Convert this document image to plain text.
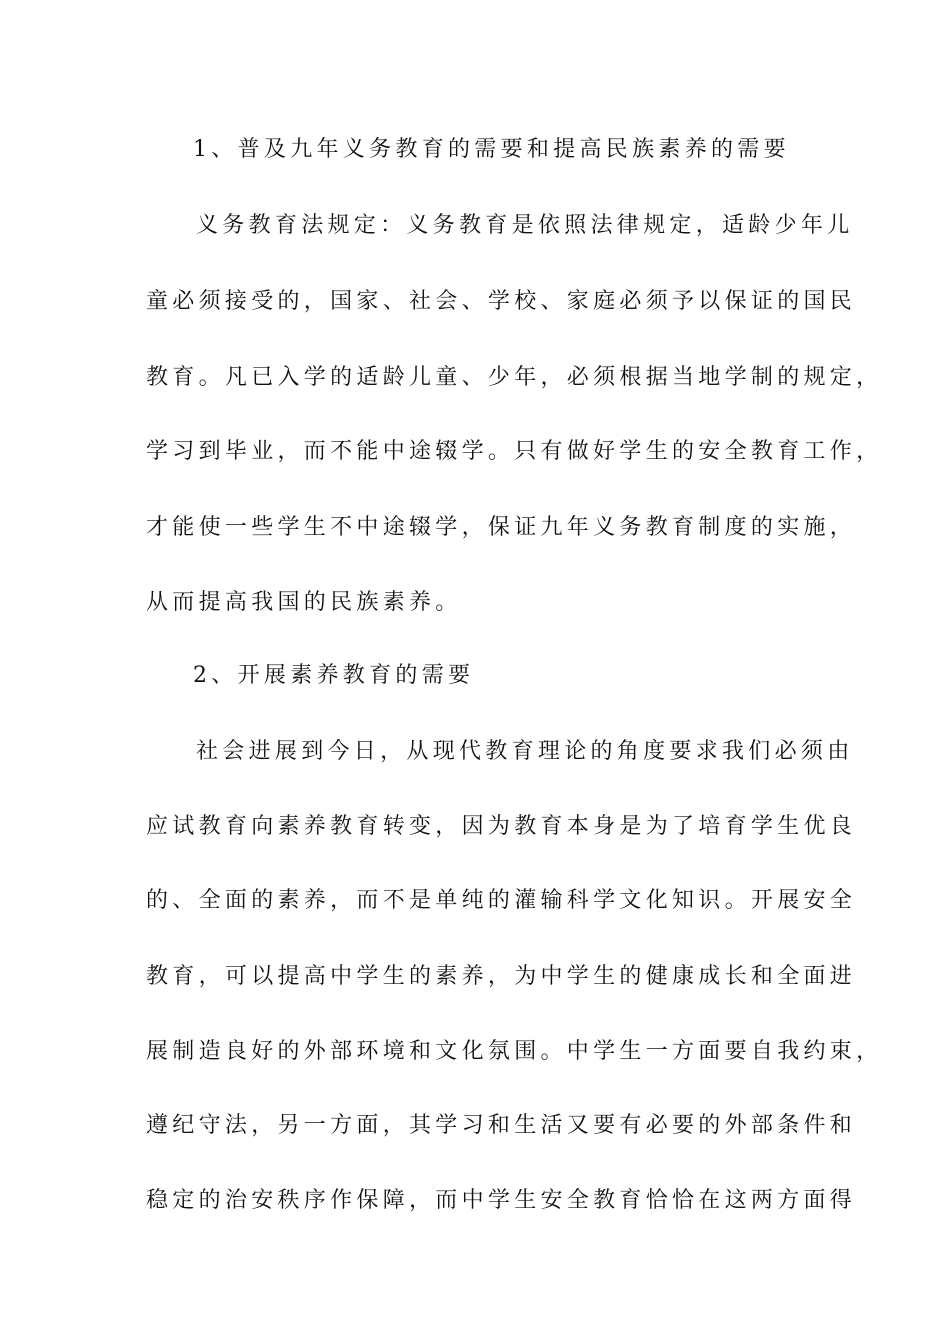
1、普及九年义务教育的需要和提高民族素养的需要
义务教育法规定：义务教育是依照法律规定，适龄少年儿
童必须接受的，国家、社会、学校、家庭必须予以保证的国民
教育。凡已入学的适龄儿童、少年，必须根据当地学制的规定，
学习到毕业，而不能中途辍学。只有做好学生的安全教育工作，
才能使一些学生不中途辍学，保证九年义务教育制度的实施，
从而提高我国的民族素养。
2、开展素养教育的需要
社会进展到今日，从现代教育理论的角度要求我们必须由
应试教育向素养教育转变，因为教育本身是为了培育学生优良
的、全面的素养，而不是单纯的灌输科学文化知识。开展安全
教育，可以提高中学生的素养，为中学生的健康成长和全面进
展制造良好的外部环境和文化氛围。中学生一方面要自我约束，
遵纪守法，另一方面，其学习和生活又要有必要的外部条件和
稳定的治安秩序作保障，而中学生安全教育恰恰在这两方面得
